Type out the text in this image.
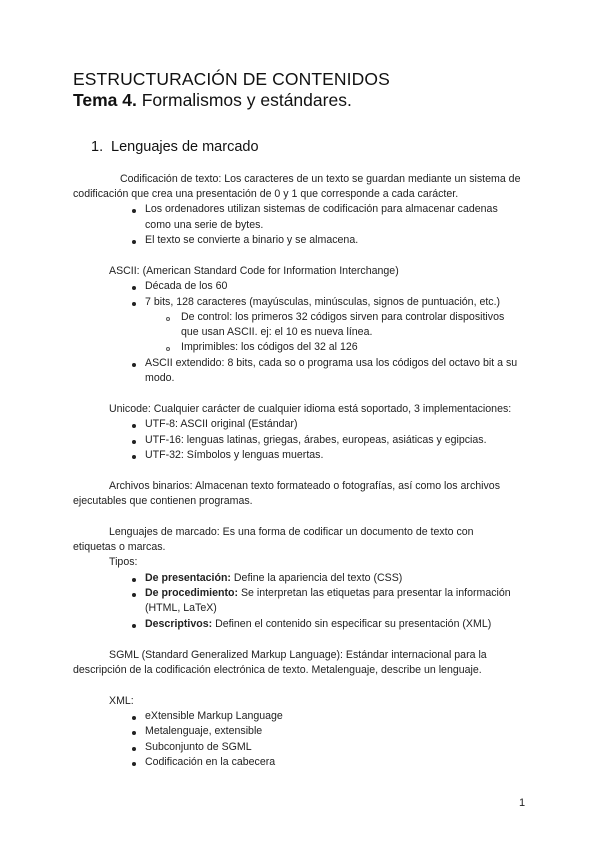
ESTRUCTURACIÓN DE CONTENIDOS
Tema 4. Formalismos y estándares.
1. Lenguajes de marcado
Codificación de texto: Los caracteres de un texto se guardan mediante un sistema de
codificación que crea una presentación de 0 y 1 que corresponde a cada carácter.
Los ordenadores utilizan sistemas de codificación para almacenar cadenas
como una serie de bytes.
El texto se convierte a binario y se almacena.
ASCII: (American Standard Code for Information Interchange)
Década de los 60
7 bits, 128 caracteres (mayúsculas, minúsculas, signos de puntuación, etc.)
De control: los primeros 32 códigos sirven para controlar dispositivos
que usan ASCII. ej: el 10 es nueva línea.
Imprimibles: los códigos del 32 al 126
ASCII extendido: 8 bits, cada so o programa usa los códigos del octavo bit a su
modo.
Unicode: Cualquier carácter de cualquier idioma está soportado, 3 implementaciones:
UTF-8: ASCII original (Estándar)
UTF-16: lenguas latinas, griegas, árabes, europeas, asiáticas y egipcias.
UTF-32: Símbolos y lenguas muertas.
Archivos binarios: Almacenan texto formateado o fotografías, así como los archivos
ejecutables que contienen programas.
Lenguajes de marcado: Es una forma de codificar un documento de texto con
etiquetas o marcas.
Tipos:
De presentación: Define la apariencia del texto (CSS)
De procedimiento: Se interpretan las etiquetas para presentar la información
(HTML, LaTeX)
Descriptivos: Definen el contenido sin especificar su presentación (XML)
SGML (Standard Generalized Markup Language): Estándar internacional para la
descripción de la codificación electrónica de texto. Metalenguaje, describe un lenguaje.
XML:
eXtensible Markup Language
Metalenguaje, extensible
Subconjunto de SGML
Codificación en la cabecera
1
